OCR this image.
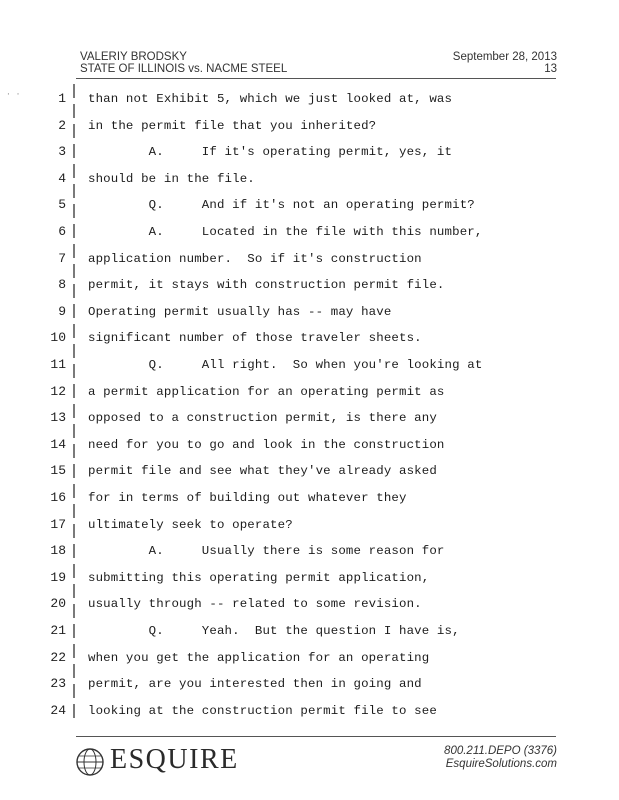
· ·
VALERIY BRODSKY
STATE OF ILLINOIS vs. NACME STEEL
September 28, 2013
13
1 than not Exhibit 5, which we just looked at, was
2 in the permit file that you inherited?
3 A.     If it's operating permit, yes, it
4 should be in the file.
5 Q.     And if it's not an operating permit?
6 A.     Located in the file with this number,
7 application number.  So if it's construction
8 permit, it stays with construction permit file.
9 Operating permit usually has -- may have
10 significant number of those traveler sheets.
11 Q.     All right.  So when you're looking at
12 a permit application for an operating permit as
13 opposed to a construction permit, is there any
14 need for you to go and look in the construction
15 permit file and see what they've already asked
16 for in terms of building out whatever they
17 ultimately seek to operate?
18 A.     Usually there is some reason for
19 submitting this operating permit application,
20 usually through -- related to some revision.
21 Q.     Yeah.  But the question I have is,
22 when you get the application for an operating
23 permit, are you interested then in going and
24 looking at the construction permit file to see
ESQUIRE	800.211.DEPO (3376)
EsquireSolutions.com
